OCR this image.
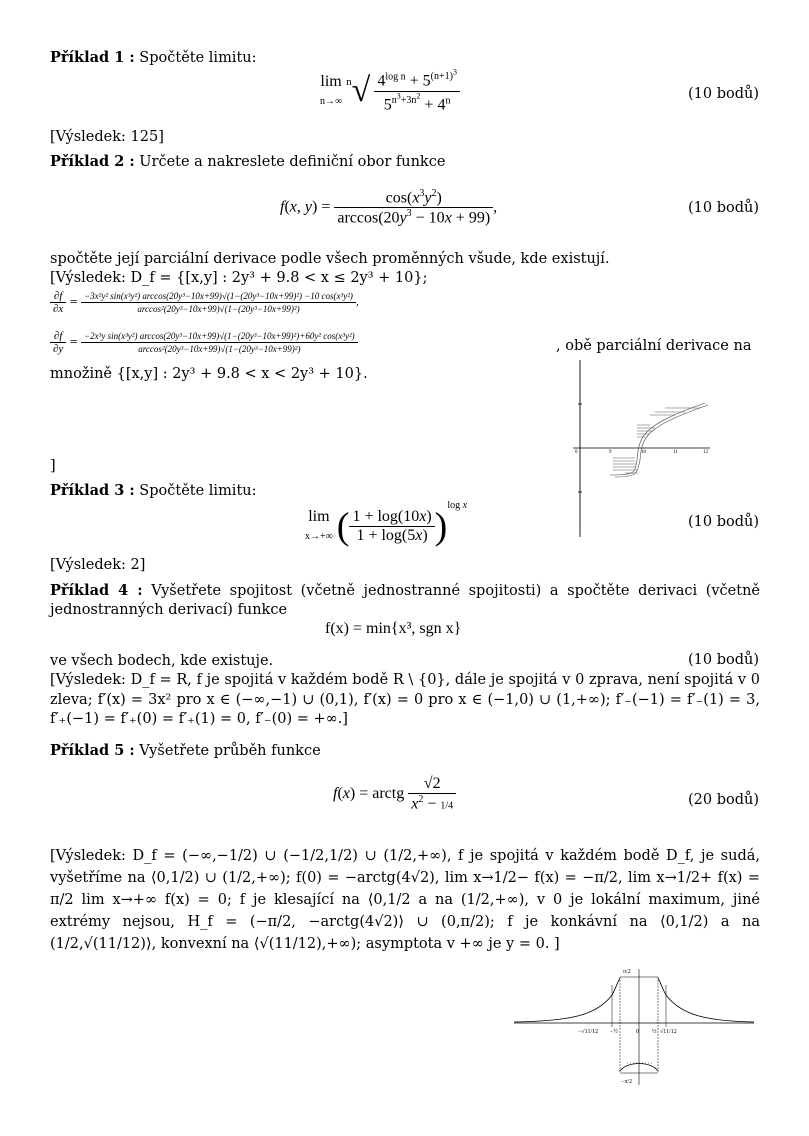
Příklad 1 : Spočtěte limitu:
lim
n→∞ $^n√ \frac{4^{log n} + 5^{(n+1)^3}}{5^{n^3+3n^2} + 4^n}$	(10 bodů)
[Výsledek: 125]
Příklad 2 : Určete a nakreslete definiční obor funkce
f(x, $y) = \frac{\cos(x^3y^2)}{\arccos(20y^3 - 10x + 99)}$ ,	(10 bodů)
spočtěte její parciální derivace podle všech proměnných všude, kde existují.
[Výsledek: D_f = {[x,y] : 2y³ + 9.8 < x ≤ 2y³ + 10};
$\frac{\partial f}{\partial x}$ =
−3x²y² sin(x³y²) arccos(20y³−10x+99)√(1−(20y³−10x+99)²) −10 cos(x³y²)
arccos²(20y³−10x+99)√(1−(20y³−10x+99)²)
,
$\frac{\partial f}{\partial y}$ =
−2x³y sin(x³y²) arccos(20y³−10x+99)√(1−(20y³−10x+99)²)+60y² cos(x³y²)
arccos²(20y³−10x+99)√(1−(20y³−10x+99)²)	, obě parciální derivace na
množině {[x,y] : 2y³ + 9.8 < x < 2y³ + 10}.
]
0	9	10	11	12
Příklad 3 : Spočtěte limitu:
lim
x→+∞ ( $\frac{1 + \log(10x)}{1 + \log(5x)} )^{log x}$
(10 bodů)
[Výsledek: 2]
Příklad 4 : Vyšetřete spojitost (včetně jednostranné spojitosti) a spočtěte derivaci (včetně jednostranných derivací) funkce
f(x) = min{x³, sgn x}
ve všech bodech, kde existuje.	(10 bodů)
[Výsledek: D_f = R, f je spojitá v každém bodě R \ {0}, dále je spojitá v 0 zprava, není spojitá v 0 zleva; f′(x) = 3x² pro x ∈ (−∞,−1) ∪ (0,1), f′(x) = 0 pro x ∈ (−1,0) ∪ (1,+∞); f′₋(−1) = f′₋(1) = 3, f′₊(−1) = f′₊(0) = f′₊(1) = 0, f′₋(0) = +∞.]
Příklad 5 : Vyšetřete průběh funkce
f(x) = arctg $\frac{√2}{x^2 - 1/4}$	(20 bodů)
[Výsledek: D_f = (−∞,−1/2) ∪ (−1/2,1/2) ∪ (1/2,+∞), f je spojitá v každém bodě D_f, je sudá, vyšetříme na ⟨0,1/2) ∪ (1/2,+∞); f(0) = −arctg(4√2), lim x→1/2− f(x) = −π/2, lim x→1/2+ f(x) = π/2 lim x→+∞ f(x) = 0; f je klesající na ⟨0,1/2 a na (1/2,+∞), v 0 je lokální maximum, jiné extrémy nejsou, H_f = (−π/2, −arctg(4√2)⟩ ∪ (0,π/2); f je konkávní na ⟨0,1/2) a na (1/2,√(11/12)⟩, konvexní na ⟨√(11/12),+∞); asymptota v +∞ je y = 0. ]
−√11/12 −½	0 ½ √11/12
π/2
−π/2
